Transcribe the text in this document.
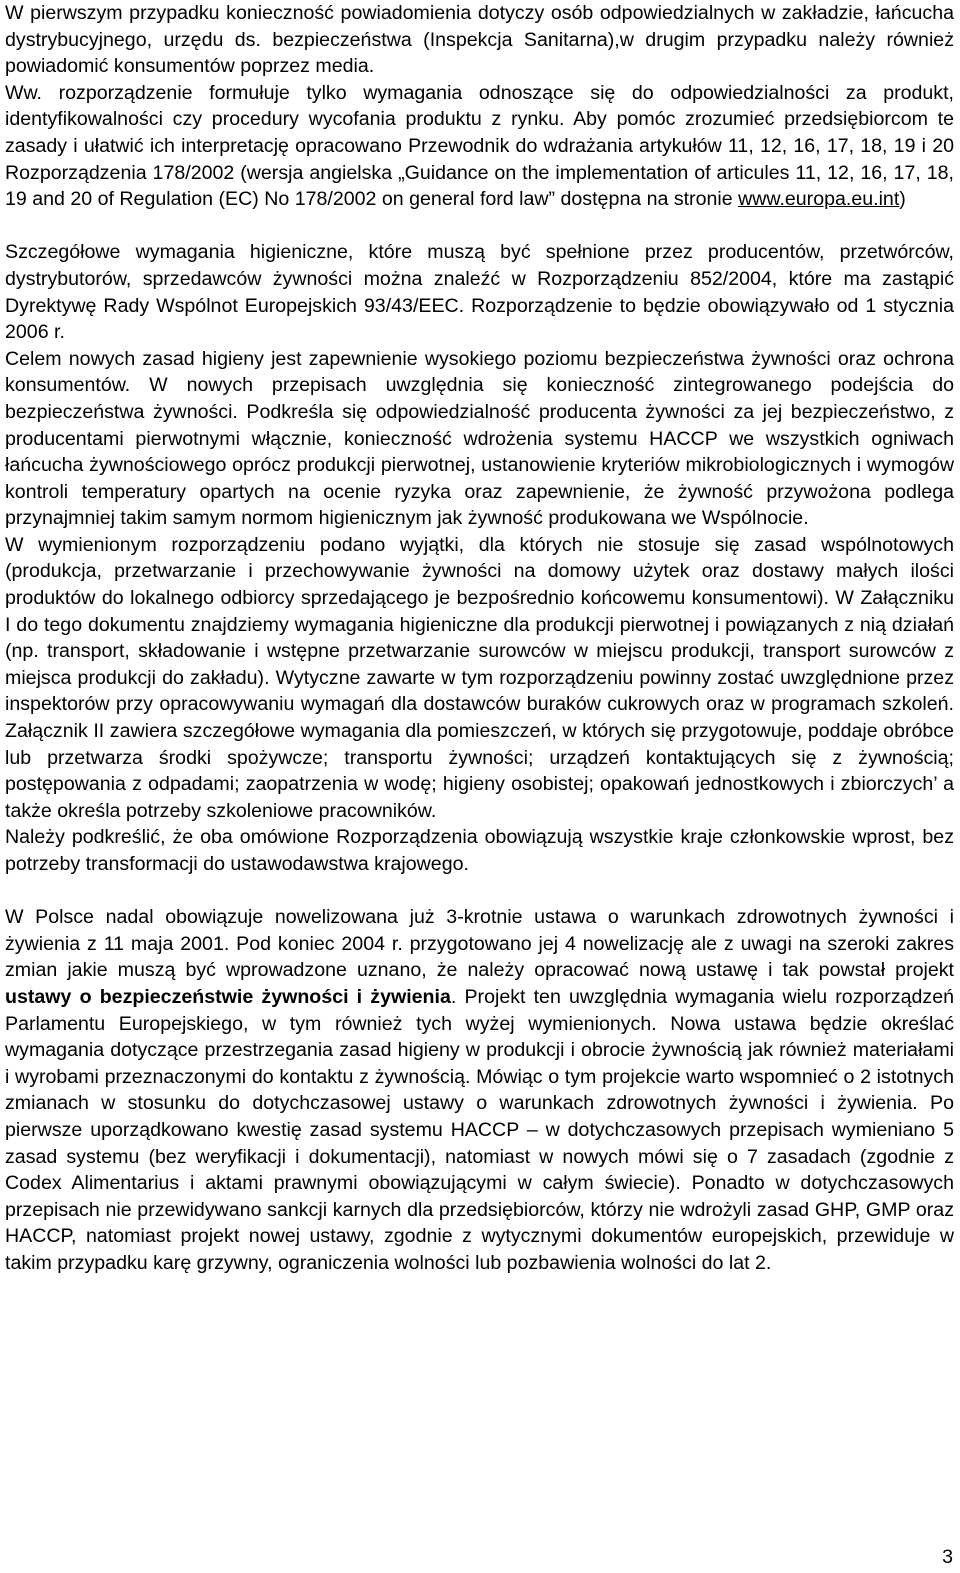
W pierwszym przypadku konieczność powiadomienia dotyczy osób odpowiedzialnych w zakładzie, łańcucha dystrybucyjnego, urzędu ds. bezpieczeństwa (Inspekcja Sanitarna),w drugim przypadku należy również powiadomić konsumentów poprzez media.

Ww. rozporządzenie formułuje tylko wymagania odnoszące się do odpowiedzialności za produkt, identyfikowalności czy procedury wycofania produktu z rynku. Aby pomóc zrozumieć przedsiębiorcom te zasady i ułatwić ich interpretację opracowano Przewodnik do wdrażania artykułów 11, 12, 16, 17, 18, 19 i 20 Rozporządzenia 178/2002 (wersja angielska „Guidance on the implementation of articules 11, 12, 16, 17, 18, 19 and 20 of Regulation (EC) No 178/2002 on general ford law” dostępna na stronie www.europa.eu.int)

Szczegółowe wymagania higieniczne, które muszą być spełnione przez producentów, przetwórców, dystrybutorów, sprzedawców żywności można znaleźć w Rozporządzeniu 852/2004, które ma zastąpić Dyrektywę Rady Wspólnot Europejskich 93/43/EEC. Rozporządzenie to będzie obowiązywało od 1 stycznia 2006 r.

Celem nowych zasad higieny jest zapewnienie wysokiego poziomu bezpieczeństwa żywności oraz ochrona konsumentów. W nowych przepisach uwzględnia się konieczność zintegrowanego podejścia do bezpieczeństwa żywności. Podkreśla się odpowiedzialność producenta żywności za jej bezpieczeństwo, z producentami pierwotnymi włącznie, konieczność wdrożenia systemu HACCP we wszystkich ogniwach łańcucha żywnościowego oprócz produkcji pierwotnej, ustanowienie kryteriów mikrobiologicznych i wymogów kontroli temperatury opartych na ocenie ryzyka oraz zapewnienie, że żywność przywożona podlega przynajmniej takim samym normom higienicznym jak żywność produkowana we Wspólnocie.

W wymienionym rozporządzeniu podano wyjątki, dla których nie stosuje się zasad wspólnotowych (produkcja, przetwarzanie i przechowywanie żywności na domowy użytek oraz dostawy małych ilości produktów do lokalnego odbiorcy sprzedającego je bezpośrednio końcowemu konsumentowi). W Załączniku I do tego dokumentu znajdziemy wymagania higieniczne dla produkcji pierwotnej i powiązanych z nią działań (np. transport, składowanie i wstępne przetwarzanie surowców w miejscu produkcji, transport surowców z miejsca produkcji do zakładu). Wytyczne zawarte w tym rozporządzeniu powinny zostać uwzględnione przez inspektorów przy opracowywaniu wymagań dla dostawców buraków cukrowych oraz w programach szkoleń. Załącznik II zawiera szczegółowe wymagania dla pomieszczeń, w których się przygotowuje, poddaje obróbce lub przetwarza środki spożywcze; transportu żywności; urządzeń kontaktujących się z żywnością; postępowania z odpadami; zaopatrzenia w wodę; higieny osobistej; opakowań jednostkowych i zbiorczych’ a także określa potrzeby szkoleniowe pracowników.

Należy podkreślić, że oba omówione Rozporządzenia obowiązują wszystkie kraje członkowskie wprost, bez potrzeby transformacji do ustawodawstwa krajowego.

W Polsce nadal obowiązuje nowelizowana już 3-krotnie ustawa o warunkach zdrowotnych żywności i żywienia z 11 maja 2001. Pod koniec 2004 r. przygotowano jej 4 nowelizację ale z uwagi na szeroki zakres zmian jakie muszą być wprowadzone uznano, że należy opracować nową ustawę i tak powstał projekt ustawy o bezpieczeństwie żywności i żywienia. Projekt ten uwzględnia wymagania wielu rozporządzeń Parlamentu Europejskiego, w tym również tych wyżej wymienionych. Nowa ustawa będzie określać wymagania dotyczące przestrzegania zasad higieny w produkcji i obrocie żywnością jak również materiałami i wyrobami przeznaczonymi do kontaktu z żywnością. Mówiąc o tym projekcie warto wspomnieć o 2 istotnych zmianach w stosunku do dotychczasowej ustawy o warunkach zdrowotnych żywności i żywienia. Po pierwsze uporządkowano kwestię zasad systemu HACCP – w dotychczasowych przepisach wymieniano 5 zasad systemu (bez weryfikacji i dokumentacji), natomiast w nowych mówi się o 7 zasadach (zgodnie z Codex Alimentarius i aktami prawnymi obowiązującymi w całym świecie). Ponadto w dotychczasowych przepisach nie przewidywano sankcji karnych dla przedsiębiorców, którzy nie wdrożyli zasad GHP, GMP oraz HACCP, natomiast projekt nowej ustawy, zgodnie z wytycznymi dokumentów europejskich, przewiduje w takim przypadku karę grzywny, ograniczenia wolności lub pozbawienia wolności do lat 2.

3
